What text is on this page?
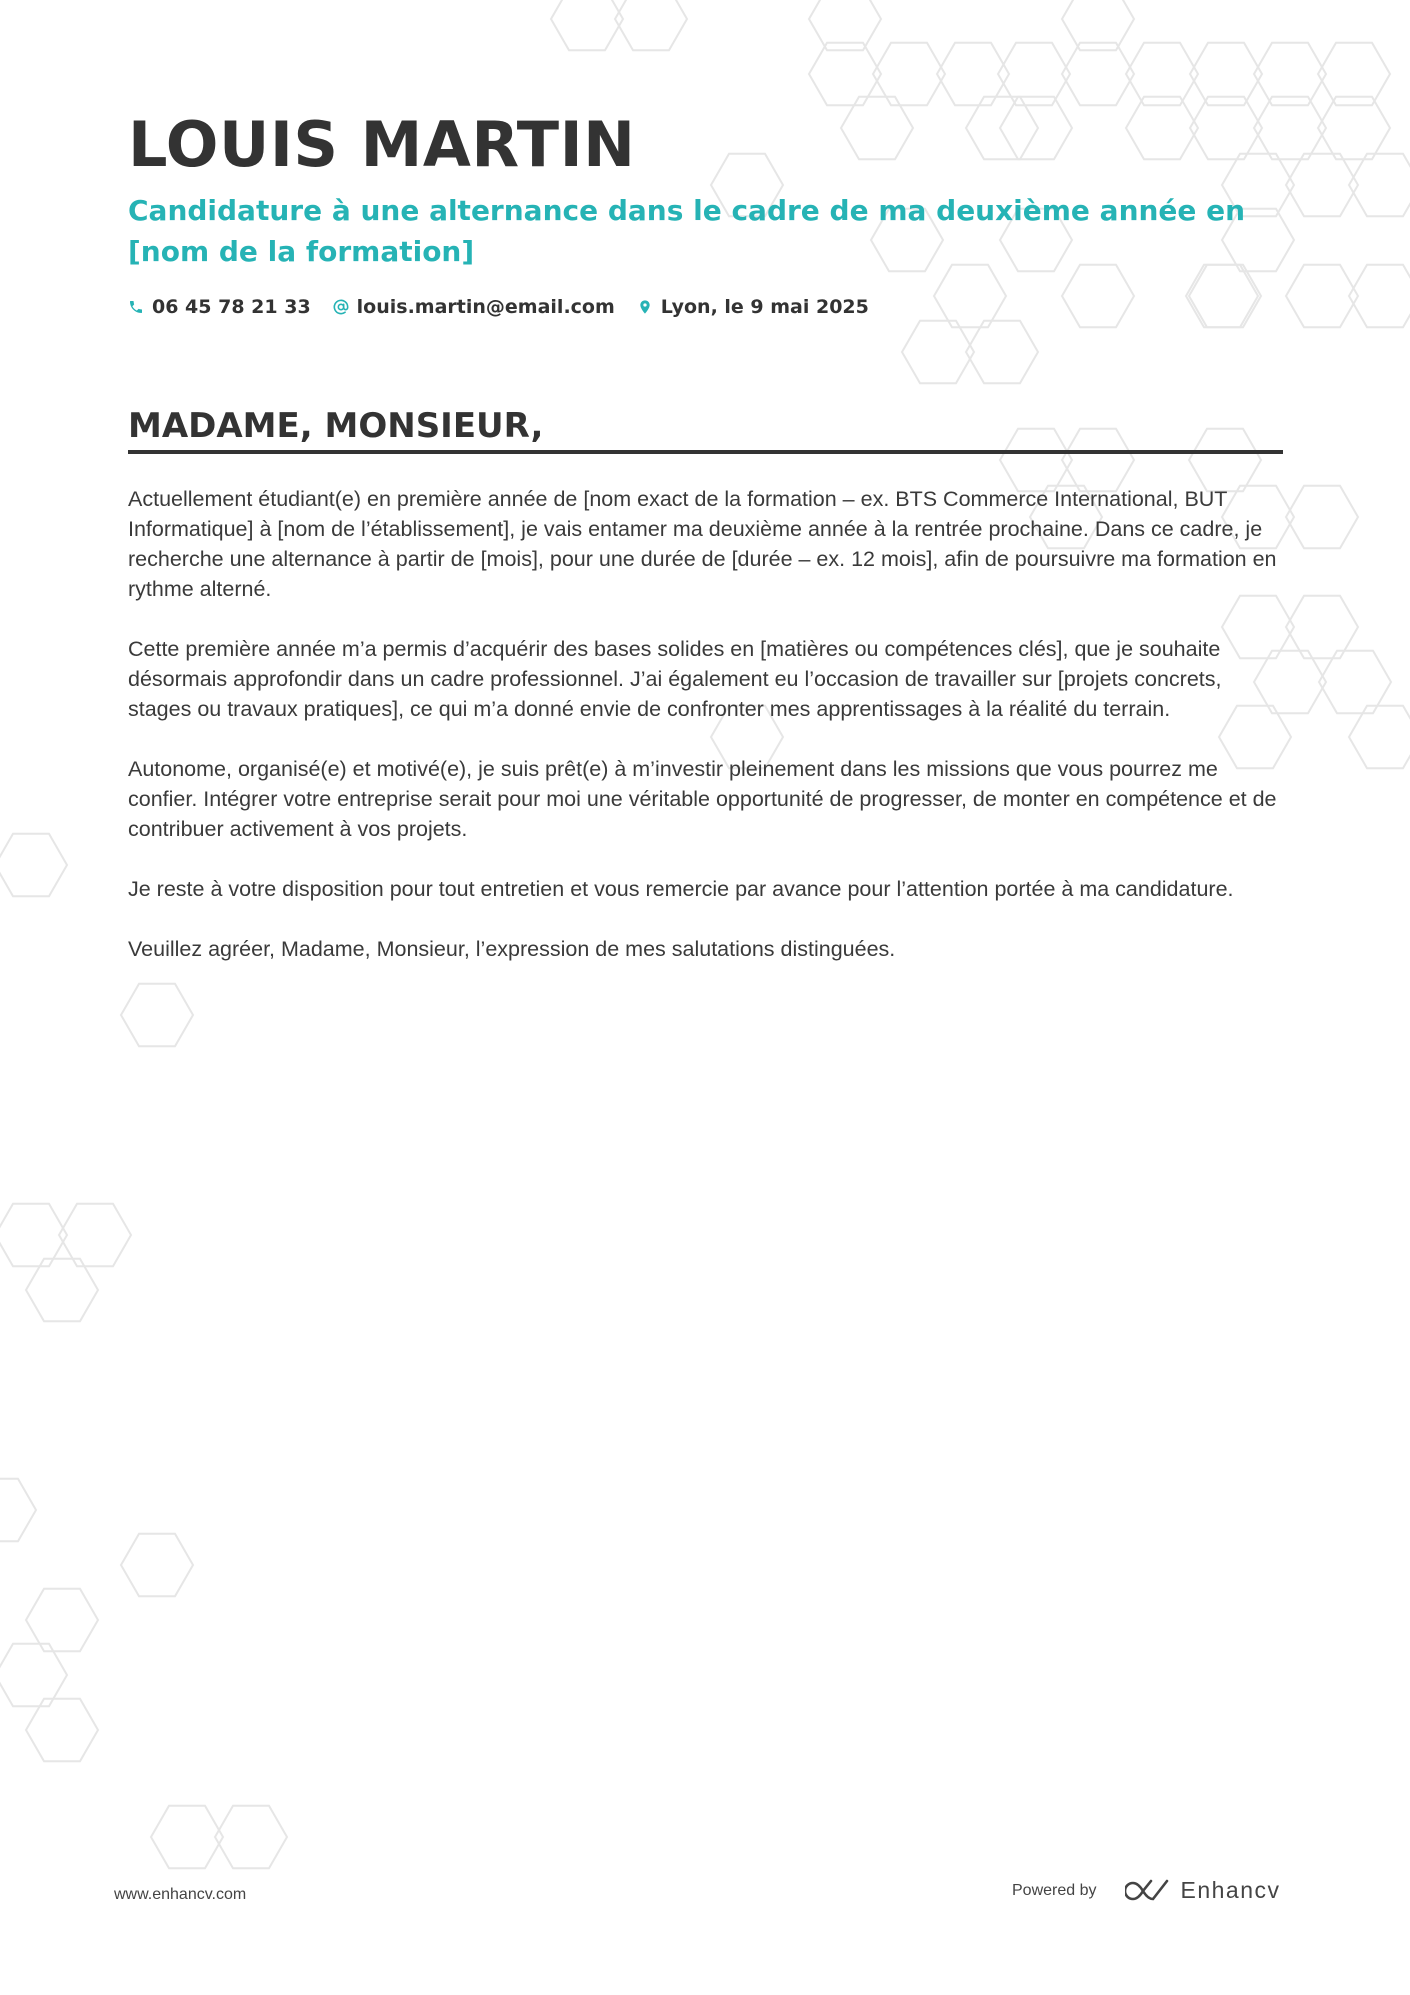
LOUIS MARTIN
Candidature à une alternance dans le cadre de ma deuxième année en [nom de la formation]
06 45 78 21 33 louis.martin@email.com Lyon, le 9 mai 2025
MADAME, MONSIEUR,

Actuellement étudiant(e) en première année de [nom exact de la formation – ex. BTS Commerce International, BUT Informatique] à [nom de l’établissement], je vais entamer ma deuxième année à la rentrée prochaine. Dans ce cadre, je recherche une alternance à partir de [mois], pour une durée de [durée – ex. 12 mois], afin de poursuivre ma formation en rythme alterné.

Cette première année m’a permis d’acquérir des bases solides en [matières ou compétences clés], que je souhaite désormais approfondir dans un cadre professionnel. J’ai également eu l’occasion de travailler sur [projets concrets, stages ou travaux pratiques], ce qui m’a donné envie de confronter mes apprentissages à la réalité du terrain.

Autonome, organisé(e) et motivé(e), je suis prêt(e) à m’investir pleinement dans les missions que vous pourrez me confier. Intégrer votre entreprise serait pour moi une véritable opportunité de progresser, de monter en compétence et de contribuer activement à vos projets.

Je reste à votre disposition pour tout entretien et vous remercie par avance pour l’attention portée à ma candidature.

Veuillez agréer, Madame, Monsieur, l’expression de mes salutations distinguées.

www.enhancv.com	Powered by	Enhancv
